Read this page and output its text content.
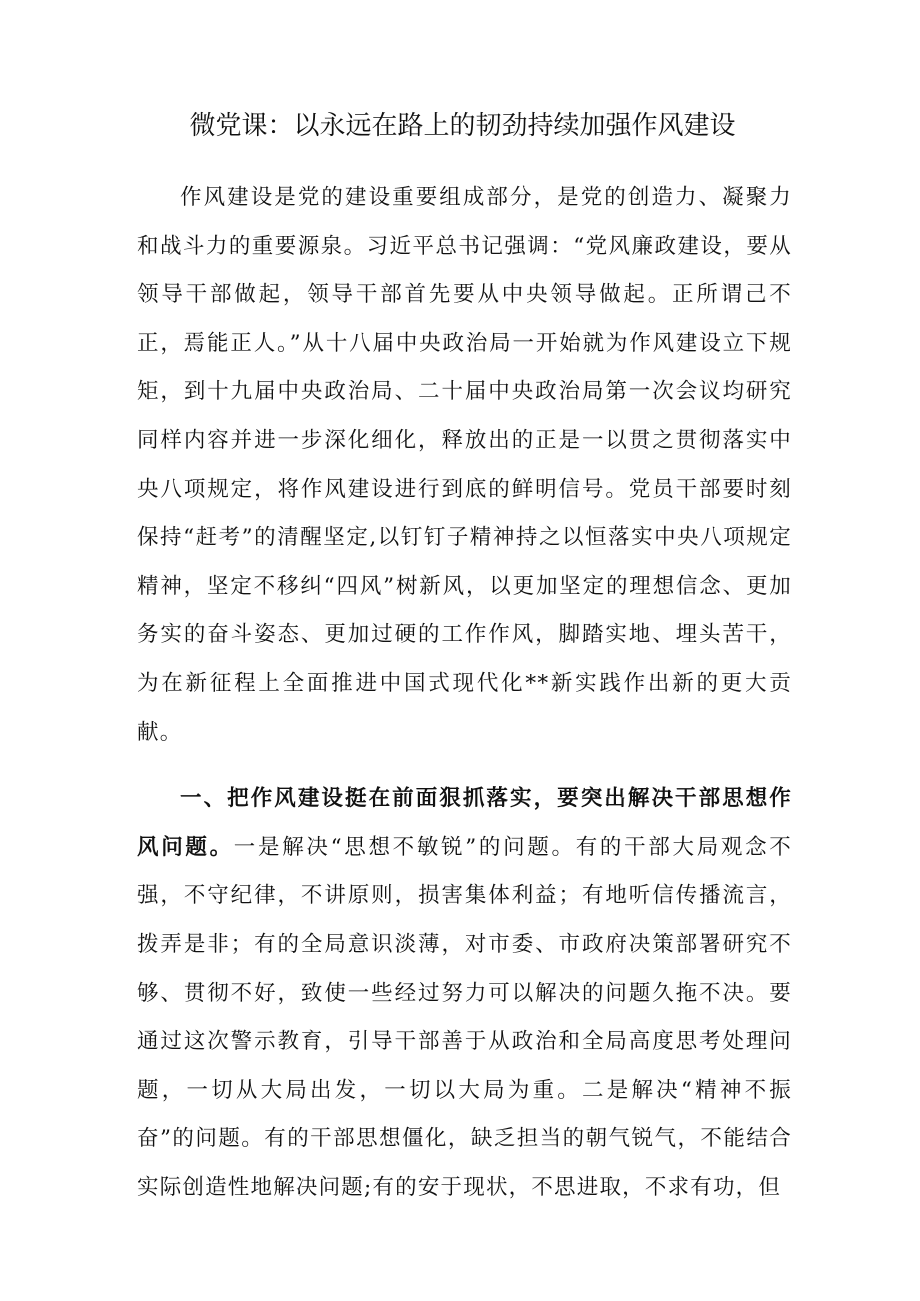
微党课：以永远在路上的韧劲持续加强作风建设

作风建设是党的建设重要组成部分，是党的创造力、凝聚力和战斗力的重要源泉。习近平总书记强调：“党风廉政建设，要从领导干部做起，领导干部首先要从中央领导做起。正所谓己不正，焉能正人。”从十八届中央政治局一开始就为作风建设立下规矩，到十九届中央政治局、二十届中央政治局第一次会议均研究同样内容并进一步深化细化，释放出的正是一以贯之贯彻落实中央八项规定，将作风建设进行到底的鲜明信号。党员干部要时刻保持“赶考”的清醒坚定,以钉钉子精神持之以恒落实中央八项规定精神，坚定不移纠“四风”树新风，以更加坚定的理想信念、更加务实的奋斗姿态、更加过硬的工作作风，脚踏实地、埋头苦干，为在新征程上全面推进中国式现代化**新实践作出新的更大贡献。

一、把作风建设挺在前面狠抓落实，要突出解决干部思想作风问题。一是解决“思想不敏锐”的问题。有的干部大局观念不强，不守纪律，不讲原则，损害集体利益；有地听信传播流言，拨弄是非；有的全局意识淡薄，对市委、市政府决策部署研究不够、贯彻不好，致使一些经过努力可以解决的问题久拖不决。要通过这次警示教育，引导干部善于从政治和全局高度思考处理问题，一切从大局出发，一切以大局为重。二是解决“精神不振奋”的问题。有的干部思想僵化，缺乏担当的朝气锐气，不能结合实际创造性地解决问题;有的安于现状，不思进取，不求有功，但
